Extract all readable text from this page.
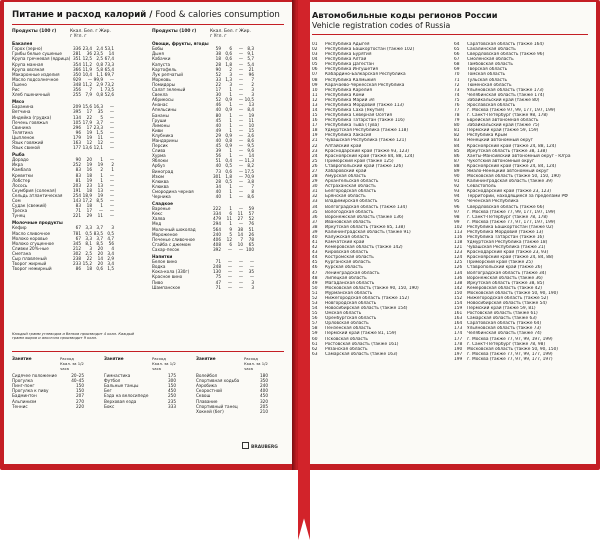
Питание и расход калорий / Food & calories consumption
Продукты (100 г)	Ккал. Бел. г Жир. г Угл. г
Бакалея
Горох (зерно)	336 23,4	2,4 53,1
Грибы белые сушеные	281	36 23,5	14
Крупа гречневая (ядрица) 351 12,5	2,5 67,4
Крупа манная	354 11,2	0,8 73,3
Крупа овсяная	366 11,9	5,8 65,4
Макаронные изделия	350 10,4	1,1 69,7
Масло подсолнечное	929	— 99,9	—
Пшено	348 11,2	2,9 73,2
Рис	356	7	1 73,5
Хлеб пшеничный	255	7,9	0,8 52,6
Мясо
Баранина	209 15,6 16,3	—
Ветчина	395	17	35	—
Индейка (грудка)	134	22	5	—
Печень говяжья	105 17,9	3,7	—
Свинина	296	17 23,3	—
Телятина	96	19	1,5	—
Цыпленок	179	19	11	—
Язык говяжий	163	12	12	—
Язык свиной	177 13,6 12,1	—
Рыба
Дорадо	90	20	1	—
Икра	252	19	19	2
Камбала	83	16	2	1
Креветки	83	18	1	—
Лобстер	81	19	1	—
Лосось	203	23	13	—
Скумбрия (соленая)	191	18	13	—
Сельдь атлантическая	254 18,9	19	—
Сом	143 17,2	8,5	—
Судак (свежий)	83	18	1	—
Треска	71	17	—	—
Тунец	221	29	11	—
Молочные продукты
Кефир	67	3,3	3,7	3
Масло сливочное	781	0,5 83,5	0,5
Молоко коровье	67	3,3	3,7	4,7
Молоко сгущенное	345	8,1	8,5	56
Сливки 20%-ные	212	3	20	4
Сметана	302	2,5	20	3,4
Сыр плавленый	238	22	14	2,9
Творог жирный	233 15,2	20	3,4
Творог нежирный	86	18	0,6	1,5
Продукты (100 г)	Ккал. Бел. г Жир. г Угл. г
Овощи, фрукты, ягоды
Бобы	59	6	—	8,3
Дыня	38	0,6	—	9,1
Кабачки	18	0,6	—	5,7
Капуста	28	1,8	—	5,4
Картофель	90	2	—	21
Лук репчатый	52	3	—	96
Морковь	33	1,3	—	7
Помидоры	22	3	—	2
Салат зеленый	17	1	—	3
Свекла	30	1	—	3
Абрикосы	52	0,9	— 10,5
Ананас	46	1	—	13
Апельсины	40	0,9	—	8,4
Бананы	80	1	—	19
Груши	45	1	—	11
Лимоны	40	1	—	10
Киви	49	1	—	15
Клубника	29	0,9	—	3,6
Мандарины	40	0,8	—	8,6
Персик	45	0,9	—	9,5
Слива	39	1	—	9,6
Хурма	56	1	—	14
Яблоки	51	0,4	— 11,3
Арбуз	40	0,5	—	8,2
Виноград	73	0,6	— 17,5
Изюм	301	1,8	— 70,9
Клюква	28	0,5	—	3,8
Клюква	34	1	—	7
Смородина черная	40	1	—	8
Черника	40	1	—	8,6
Сладкое
Варенье	222	1	—	59
Кекс	334	6	11	57
Халва	479	11	27	52
Мед	294	1	—	76
Молочный шоколад	564	9	38	51
Мороженое	240	5	14	26
Печенье сливочное	406	12	7	78
Сгайба с джемом	408	6	10	65
Сахар-песок	392	—	— 100
Напитки
Белое вино	71	—	—	—
Водка	248	—	—	—
Кока-кола (330г)	130	—	—	35
Красное вино	75	—	—	—
Пиво	47	—	—	3
Шампанское	71	—	—	3
Каждый грамм углеводов и белков производит 4 ккал. Каждый грамм жиров и алкоголя производит 9 ккал.
Занятие	Расход Ккал. за 1/2 часа
Сидячее положение	20–25
Прогулка	40–45
Пинг-понг	150
Прогулка к пиву	150
Бадминтон	207
Альпинизм	270
Теннис	220
Занятие	Расход Ккал. за 1/2 часа
Гимнастика	175
Футбол	300
Бальные танцы	150
Бег	450
Езда на велосипеде	250
Верховая езда	235
Бокс	333
Занятие	Расход Ккал. за 1/2 часа
Волейбол	180
Спортивная ходьба	350
Аэробика	240
Скоростной	400
Сквош	450
Плавание	320
Спортивный танец	205
Хоккей (бег)	210
BRAUBERG
Автомобильные коды регионов России
Vehicle registration codes of Russia
01 Республика Адыгея
02 Республика Башкортостан (также 102)
03 Республика Бурятия
04 Республика Алтай
05 Республика Дагестан
06 Республика Ингушетия
07 Кабардино-Балкарская Республика
08 Республика Калмыкия
09 Карачаево-Черкесская Республика
10 Республика Карелия
11 Республика Коми
12 Республика Марий Эл
13 Республика Мордовия (также 113)
14 Республика Саха (Якутия)
15 Республика Северная Осетия
16 Республика Татарстан (также 116)
17 Республика Тыва (Тува)
18 Удмуртская Республика (также 118)
19 Республика Хакасия
21 Чувашская Республика (также 121)
22 Алтайский край
23 Краснодарский край (также 93, 123)
24 Красноярский край (также 84, 88, 124)
25 Приморский край (также 125)
26 Ставропольский край (также 126)
27 Хабаровский край
28 Амурская область
29 Архангельская область
30 Астраханская область
31 Белгородская область
32 Брянская область
33 Владимирская область
34 Волгоградская область (также 134)
35 Вологодская область
36 Воронежская область (также 136)
37 Ивановская область
38 Иркутская область (также 85, 138)
39 Калининградская область (также 91)
40 Калужская область
41 Камчатский край
42 Кемеровская область (также 142)
43 Кировская область
44 Костромская область
45 Курганская область
46 Курская область
47 Ленинградская область
48 Липецкая область
49 Магаданская область
50 Московская область (также 90, 150, 190)
51 Мурманская область
52 Нижегородская область (также 152)
53 Новгородская область
54 Новосибирская область (также 154)
55 Омская область
56 Оренбургская область
57 Орловская область
58 Пензенская область
59 Пермский край (также 81, 159)
60 Псковская область
61 Ростовская область (также 161)
62 Рязанская область
63 Самарская область (также 163)
64 Саратовская область (также 164)
65 Сахалинская область
66 Свердловская область (также 96)
67 Смоленская область
68 Тамбовская область
69 Тверская область
70 Томская область
71 Тульская область
72 Тюменская область
73 Ульяновская область (также 173)
74 Челябинская область (также 174)
75 Забайкальский край (также 80)
76 Ярославская область
77 г. Москва (также 97, 99, 177, 197, 199)
78 г. Санкт-Петербург (также 98, 178)
79 Еврейская автономная область
80 Забайкальский край (также 75)
81 Пермский край (также 59, 159)
82 Республика Крым
83 Ненецкий автономный округ
84 Красноярский край (также 24, 88, 124)
85 Иркутская область (также 38, 138)
86 Ханты-Мансийский автономный округ - Югра
87 Чукотский автономный округ
88 Красноярский край (также 24, 84, 124)
89 Ямало-Ненецкий автономный округ
90 Московская область (также 50, 150, 190)
91 Калининградская область (также 39)
92 Севастополь
93 Краснодарский край (также 23, 123)
94 Территории, находящиеся за пределами РФ
95 Чеченская Республика
96 Свердловская область (также 66)
97 г. Москва (также 77, 99, 177, 197, 199)
98 г. Санкт-Петербург (также 78, 178)
99 г. Москва (также 77, 97, 177, 197, 199)
102 Республика Башкортостан (также 02)
113 Республика Мордовия (также 13)
116 Республика Татарстан (также 16)
118 Удмуртская Республика (также 18)
121 Чувашская Республика (также 21)
123 Краснодарский край (также 23, 93)
124 Красноярский край (также 24, 84, 88)
125 Приморский край (также 25)
126 Ставропольский край (также 26)
134 Волгоградская область (также 34)
136 Воронежская область (также 36)
138 Иркутская область (также 38, 85)
142 Кемеровская область (также 42)
150 Московская область (также 50, 90, 190)
152 Нижегородская область (также 52)
154 Новосибирская область (также 54)
159 Пермский край (также 59, 81)
161 Ростовская область (также 61)
163 Самарская область (также 63)
164 Саратовская область (также 64)
173 Ульяновская область (также 73)
174 Челябинская область (также 74)
177 г. Москва (также 77, 97, 99, 197, 199)
178 г. Санкт-Петербург (также 78, 98)
190 Московская область (также 50, 90, 150)
197 г. Москва (также 77, 97, 99, 177, 199)
199 г. Москва (также 77, 97, 99, 177, 197)
